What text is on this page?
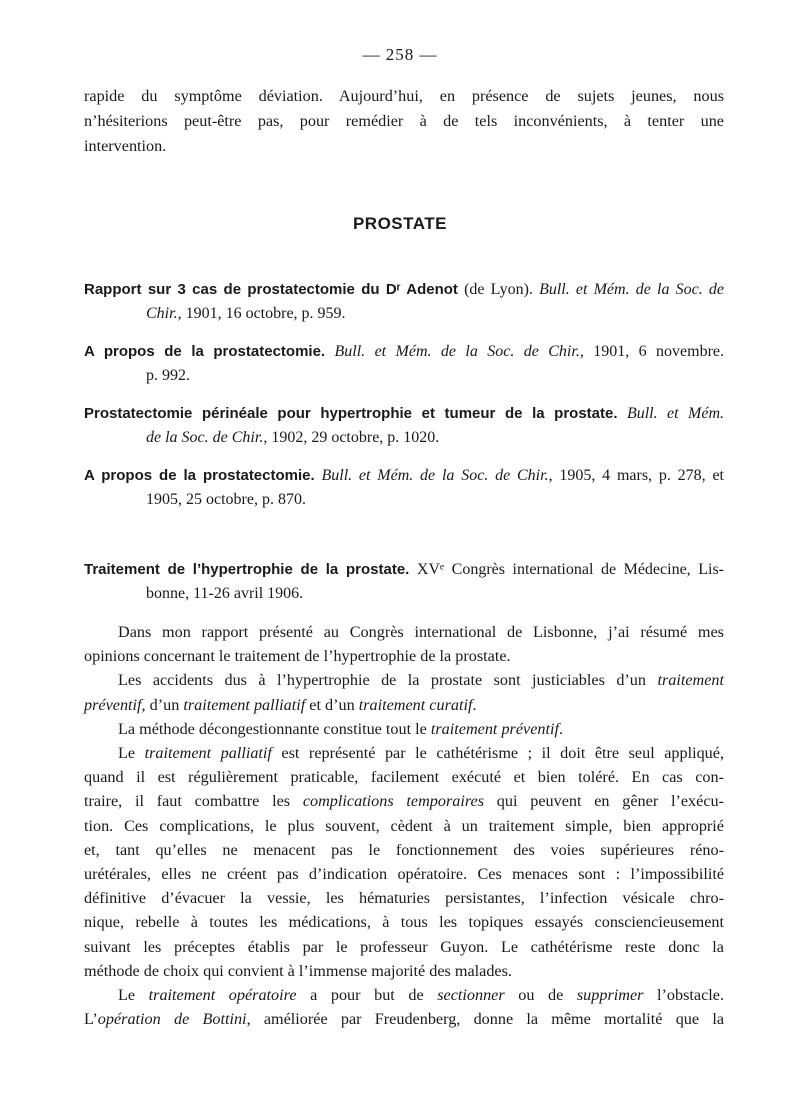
— 258 —
rapide du symptôme déviation. Aujourd’hui, en présence de sujets jeunes, nous
n’hésiterions peut-être pas, pour remédier à de tels inconvénients, à tenter une
intervention.
PROSTATE
Rapport sur 3 cas de prostatectomie du Dʳ Adenot (de Lyon). Bull. et Mém. de la Soc. de
Chir., 1901, 16 octobre, p. 959.
A propos de la prostatectomie. Bull. et Mém. de la Soc. de Chir., 1901, 6 novembre.
p. 992.
Prostatectomie périnéale pour hypertrophie et tumeur de la prostate. Bull. et Mém.
de la Soc. de Chir., 1902, 29 octobre, p. 1020.
A propos de la prostatectomie. Bull. et Mém. de la Soc. de Chir., 1905, 4 mars, p. 278, et
1905, 25 octobre, p. 870.
Traitement de l’hypertrophie de la prostate. XVᵉ Congrès international de Médecine, Lis-
bonne, 11-26 avril 1906.
Dans mon rapport présenté au Congrès international de Lisbonne, j’ai résumé mes
opinions concernant le traitement de l’hypertrophie de la prostate.
Les accidents dus à l’hypertrophie de la prostate sont justiciables d’un traitement
préventif, d’un traitement palliatif et d’un traitement curatif.
La méthode décongestionnante constitue tout le traitement préventif.
Le traitement palliatif est représenté par le cathétérisme ; il doit être seul appliqué,
quand il est régulièrement praticable, facilement exécuté et bien toléré. En cas con-
traire, il faut combattre les complications temporaires qui peuvent en gêner l’exécu-
tion. Ces complications, le plus souvent, cèdent à un traitement simple, bien approprié
et, tant qu’elles ne menacent pas le fonctionnement des voies supérieures réno-
urétérales, elles ne créent pas d’indication opératoire. Ces menaces sont : l’impossibilité
définitive d’évacuer la vessie, les hématuries persistantes, l’infection vésicale chro-
nique, rebelle à toutes les médications, à tous les topiques essayés consciencieusement
suivant les préceptes établis par le professeur Guyon. Le cathétérisme reste donc la
méthode de choix qui convient à l’immense majorité des malades.
Le traitement opératoire a pour but de sectionner ou de supprimer l’obstacle.
L’opération de Bottini, améliorée par Freudenberg, donne la même mortalité que la
